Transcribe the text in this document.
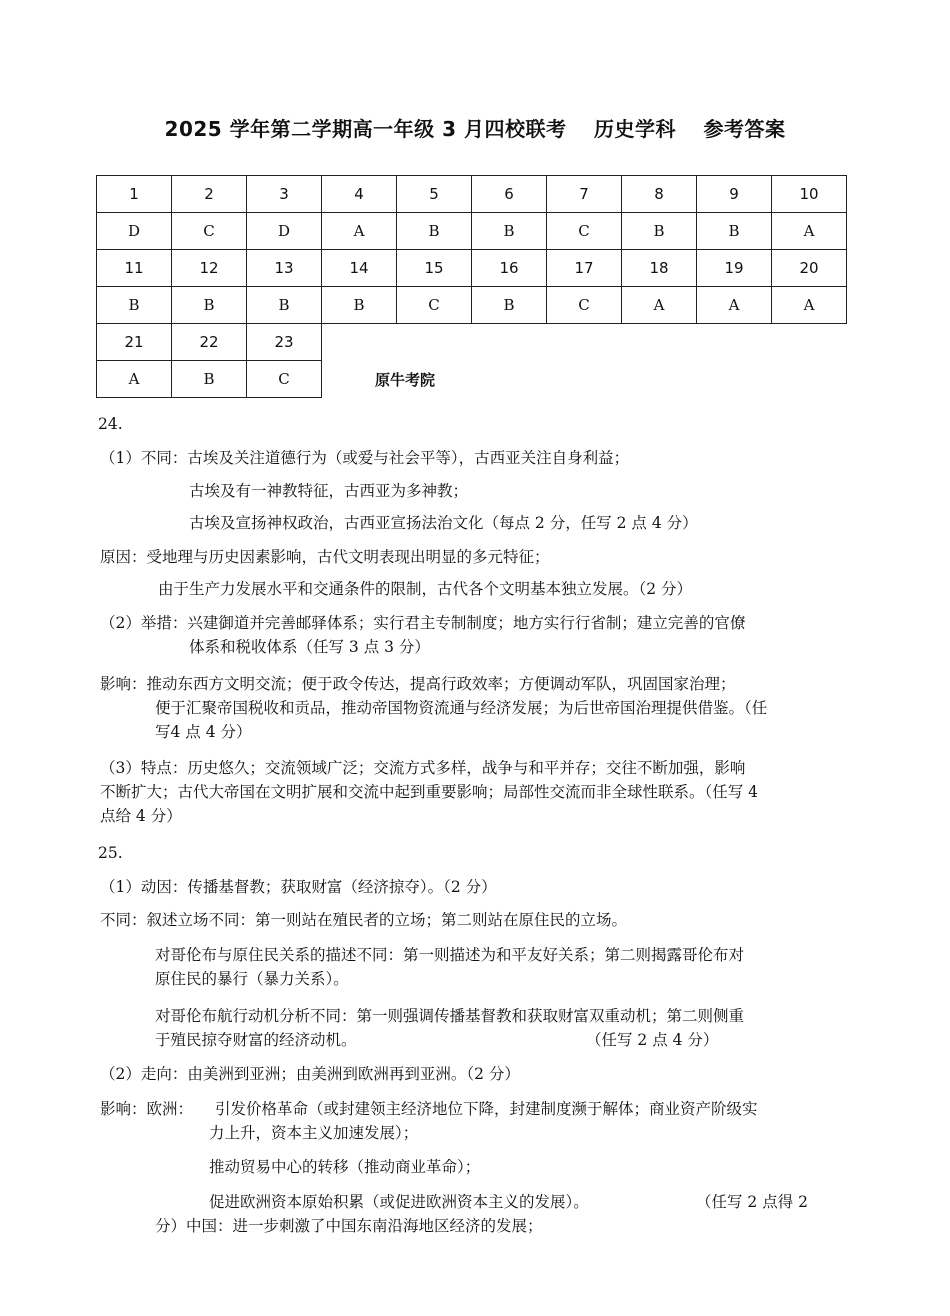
2025 学年第二学期高一年级 3 月四校联考 历史学科 参考答案
1	2	3	4	5	6	7	8	9	10
D	C	D	A	B	B	C	B	B	A
11	12	13	14	15	16	17	18	19	20
B	B	B	B	C	B	C	A	A	A
21	22	23							
A	B	C								原牛考院
24.
（1）不同：古埃及关注道德行为（或爱与社会平等），古西亚关注自身利益；
古埃及有一神教特征，古西亚为多神教；
古埃及宣扬神权政治，古西亚宣扬法治文化（每点 2 分，任写 2 点 4 分）
原因：受地理与历史因素影响，古代文明表现出明显的多元特征；
由于生产力发展水平和交通条件的限制，古代各个文明基本独立发展。（2 分）
（2）举措：兴建御道并完善邮驿体系；实行君主专制制度；地方实行行省制；建立完善的官僚
体系和税收体系（任写 3 点 3 分）
影响：推动东西方文明交流；便于政令传达，提高行政效率；方便调动军队，巩固国家治理；
便于汇聚帝国税收和贡品，推动帝国物资流通与经济发展；为后世帝国治理提供借鉴。（任
写4 点 4 分）
（3）特点：历史悠久；交流领域广泛；交流方式多样，战争与和平并存；交往不断加强，影响
不断扩大；古代大帝国在文明扩展和交流中起到重要影响；局部性交流而非全球性联系。（任写 4
点给 4 分）
25.
（1）动因：传播基督教；获取财富（经济掠夺）。（2 分）
不同：叙述立场不同：第一则站在殖民者的立场；第二则站在原住民的立场。
对哥伦布与原住民关系的描述不同：第一则描述为和平友好关系；第二则揭露哥伦布对
原住民的暴行（暴力关系）。
对哥伦布航行动机分析不同：第一则强调传播基督教和获取财富双重动机；第二则侧重
于殖民掠夺财富的经济动机。	（任写 2 点 4 分）
（2）走向：由美洲到亚洲；由美洲到欧洲再到亚洲。（2 分）
影响：欧洲： 引发价格革命（或封建领主经济地位下降，封建制度濒于解体；商业资产阶级实
力上升，资本主义加速发展）；
推动贸易中心的转移（推动商业革命）；
促进欧洲资本原始积累（或促进欧洲资本主义的发展）。	（任写 2 点得 2
分）中国：进一步刺激了中国东南沿海地区经济的发展；
